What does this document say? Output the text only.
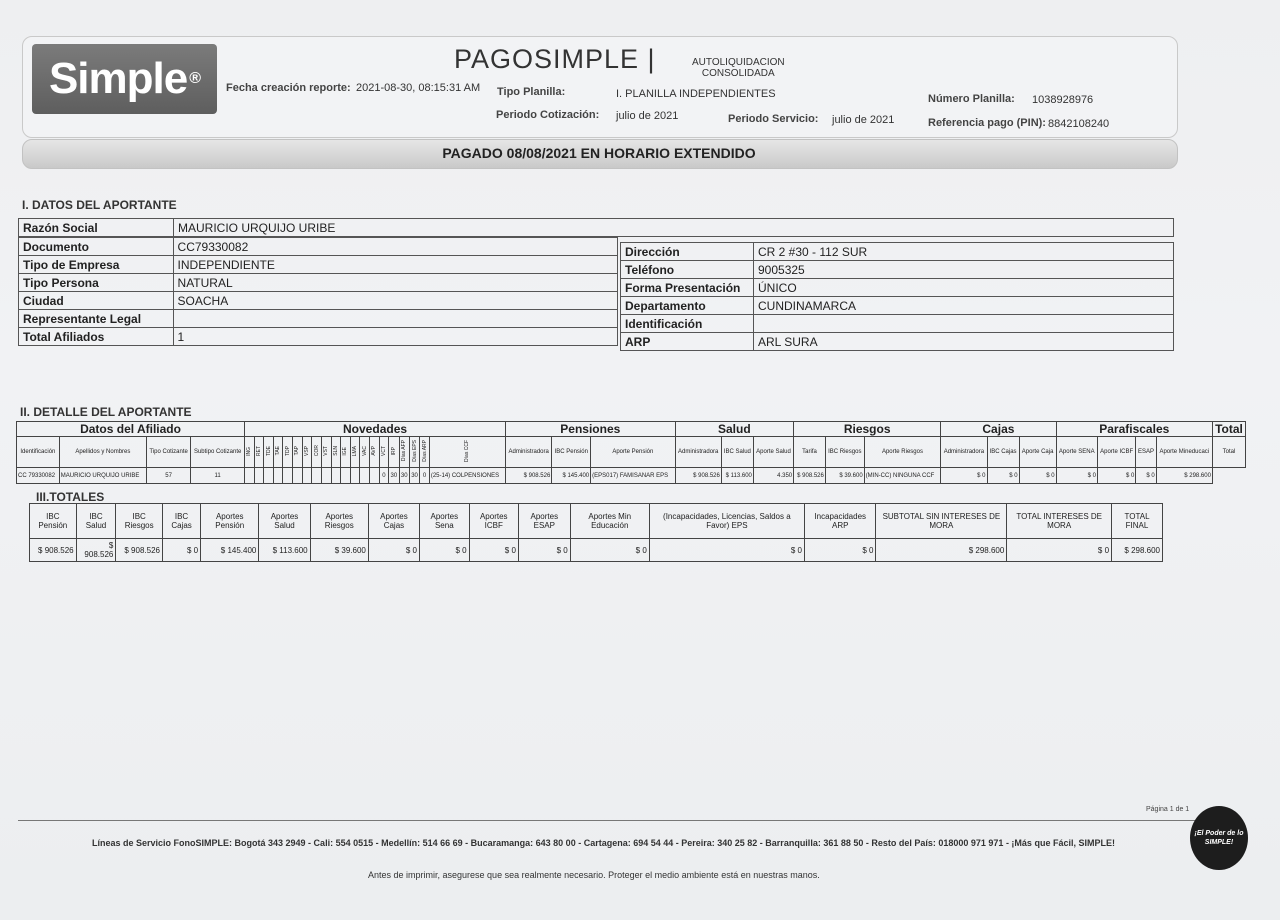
Simple ®
PAGOSIMPLE |	AUTOLIQUIDACION
CONSOLIDADA
Fecha creación reporte: 2021-08-30, 08:15:31 AM Tipo Planilla:	I. PLANILLA INDEPENDIENTES	Número Planilla: 1038928976
Periodo Cotización: julio de 2021	Periodo Servicio: julio de 2021	Referencia pago (PIN): 8842108240
PAGADO 08/08/2021 EN HORARIO EXTENDIDO
I. DATOS DEL APORTANTE
Razón Social	MAURICIO URQUIJO URIBE
Documento	CC79330082
Tipo de Empresa	INDEPENDIENTE
Tipo Persona	NATURAL
Ciudad	SOACHA
Representante Legal	
Total Afiliados	1
Dirección	CR 2 #30 - 112 SUR
Teléfono	9005325
Forma Presentación	ÚNICO
Departamento	CUNDINAMARCA
Identificación	
ARP	ARL SURA
II. DETALLE DEL APORTANTE
Datos del Afiliado				Novedades																				Pensiones			Salud			Riesgos			Cajas			Parafiscales				Total
Identificación	Apellidos y Nombres	Tipo Cotizante	Subtipo Cotizante	ING	RET	TDE	TAE	TDP	TAP	VSP	COR	VST	SLN	IGE	LMA	VAC	AVP	VCT	IRP	Días AFP	Días EPS	Días ARP	Días CCF	Administradora	IBC Pensión	Aporte Pensión	Administradora	IBC Salud	Aporte Salud	Tarifa	IBC Riesgos	Aporte Riesgos	Administradora	IBC Cajas	Aporte Caja	Aporte SENA	Aporte ICBF	ESAP	Aporte Mineducaci	Total
CC 79330082	MAURICIO URQUIJO URIBE	57	11															0	30	30	30	0	(25-14) COLPENSIONES	$ 908.526	$ 145.400	(EPS017) FAMISANAR EPS	$ 908.526	$ 113.600	4.350	$ 908.526	$ 39.600	(MIN-CC) NINGUNA CCF	$ 0	$ 0	$ 0	$ 0	$ 0	$ 0	$ 298.600	
III.TOTALES
IBC Pensión	IBC Salud	IBC Riesgos	IBC Cajas	Aportes Pensión	Aportes Salud	Aportes Riesgos	Aportes Cajas	Aportes Sena	Aportes ICBF	Aportes ESAP	Aportes Min Educación	(Incapacidades, Licencias, Saldos a Favor) EPS	Incapacidades ARP	SUBTOTAL SIN INTERESES DE MORA	TOTAL INTERESES DE MORA	TOTAL FINAL
$ 908.526	$ 908.526	$ 908.526	$ 0	$ 145.400	$ 113.600	$ 39.600	$ 0	$ 0	$ 0	$ 0	$ 0	$ 0	$ 0	$ 298.600	$ 0	$ 298.600
Página 1 de 1
Líneas de Servicio FonoSIMPLE: Bogotá 343 2949 - Cali: 554 0515 - Medellín: 514 66 69 - Bucaramanga: 643 80 00 - Cartagena: 694 54 44 - Pereira: 340 25 82 - Barranquilla: 361 88 50 - Resto del País: 018000 971 971 - ¡Más que Fácil, SIMPLE!
Antes de imprimir, asegurese que sea realmente necesario. Proteger el medio ambiente está en nuestras manos.
¡El Poder de lo SIMPLE!
